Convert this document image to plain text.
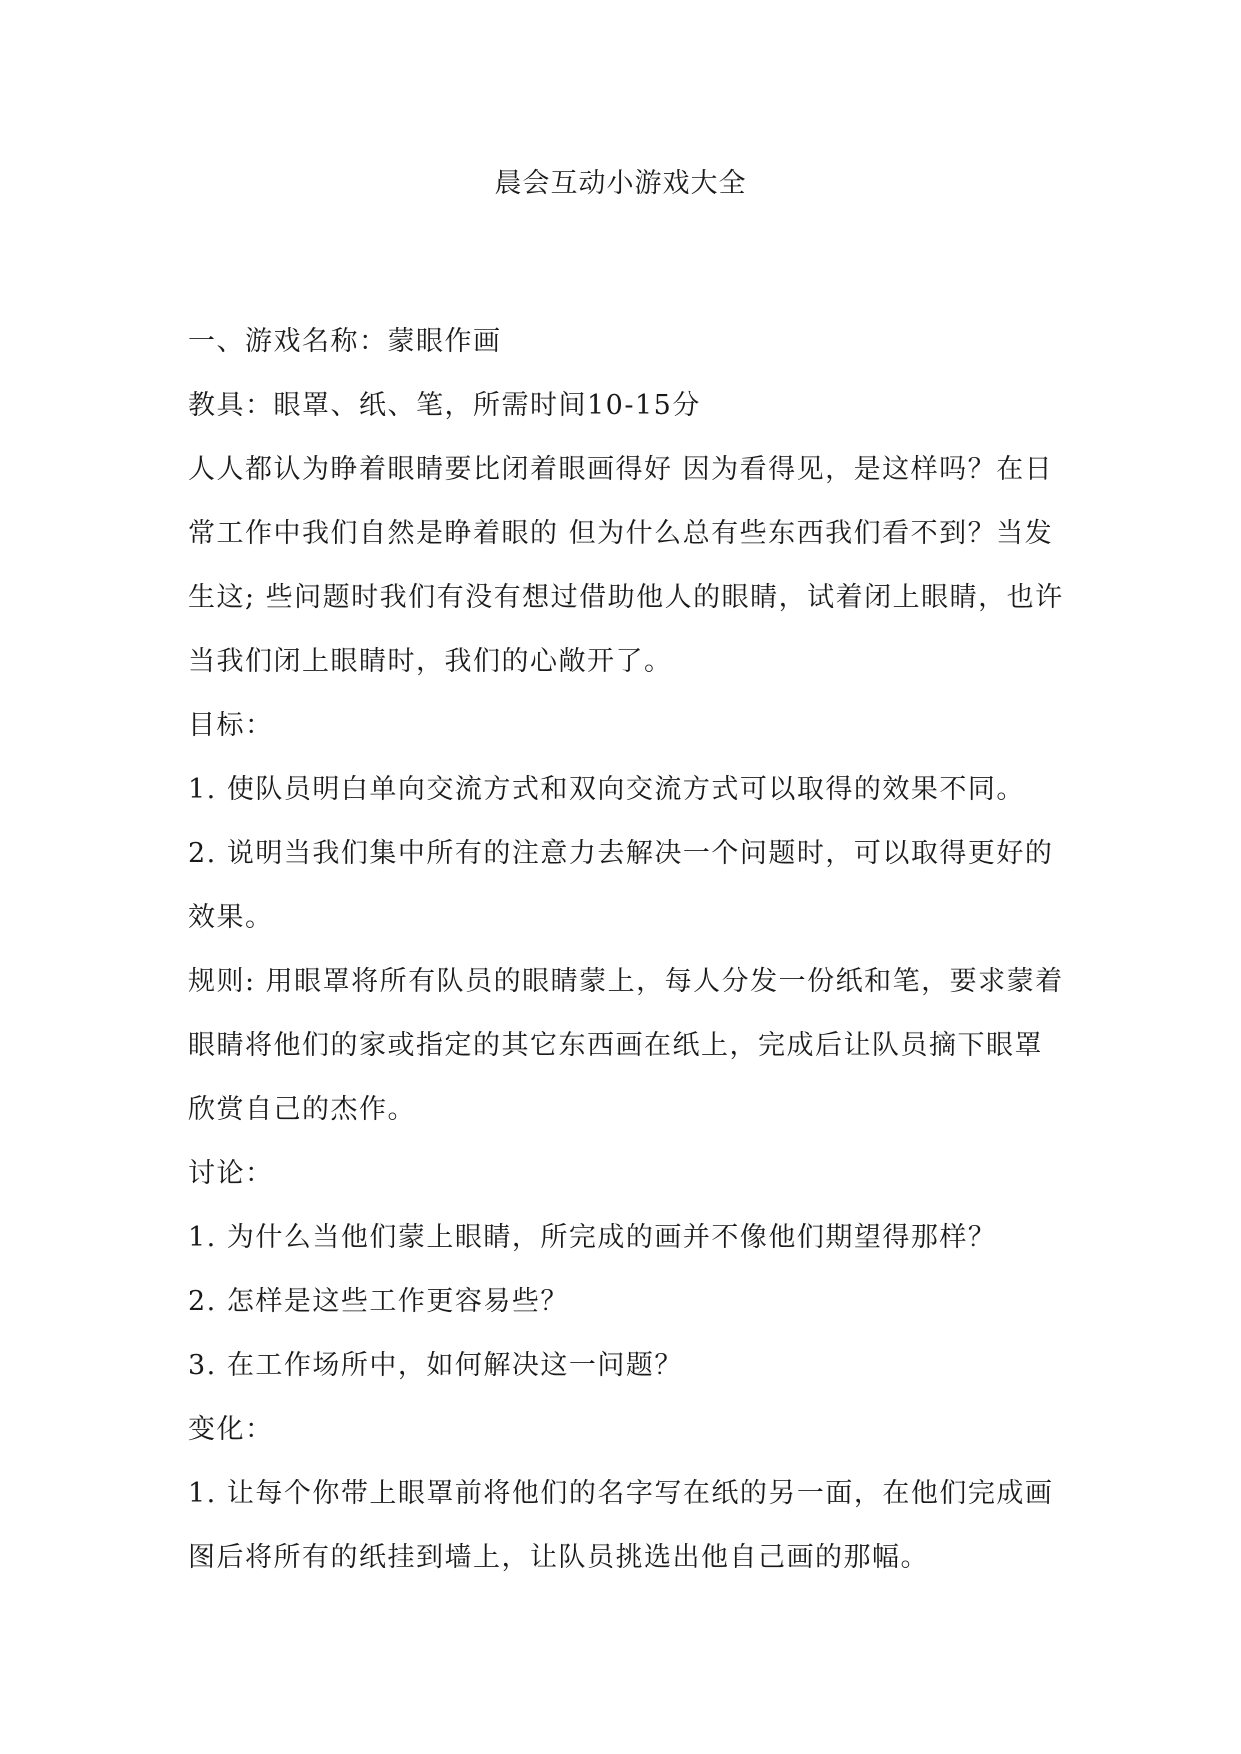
晨会互动小游戏大全
一、游戏名称：蒙眼作画
教具：眼罩、纸、笔，所需时间10-15分
人人都认为睁着眼睛要比闭着眼画得好 因为看得见，是这样吗？在日
常工作中我们自然是睁着眼的 但为什么总有些东西我们看不到？当发
生这; 些问题时我们有没有想过借助他人的眼睛，试着闭上眼睛，也许
当我们闭上眼睛时，我们的心敞开了。
目标：
1. 使队员明白单向交流方式和双向交流方式可以取得的效果不同。
2. 说明当我们集中所有的注意力去解决一个问题时，可以取得更好的
效果。
规则: 用眼罩将所有队员的眼睛蒙上，每人分发一份纸和笔，要求蒙着
眼睛将他们的家或指定的其它东西画在纸上，完成后让队员摘下眼罩
欣赏自己的杰作。
讨论：
1. 为什么当他们蒙上眼睛，所完成的画并不像他们期望得那样？
2. 怎样是这些工作更容易些？
3. 在工作场所中，如何解决这一问题？
变化：
1. 让每个你带上眼罩前将他们的名字写在纸的另一面，在他们完成画
图后将所有的纸挂到墙上，让队员挑选出他自己画的那幅。
